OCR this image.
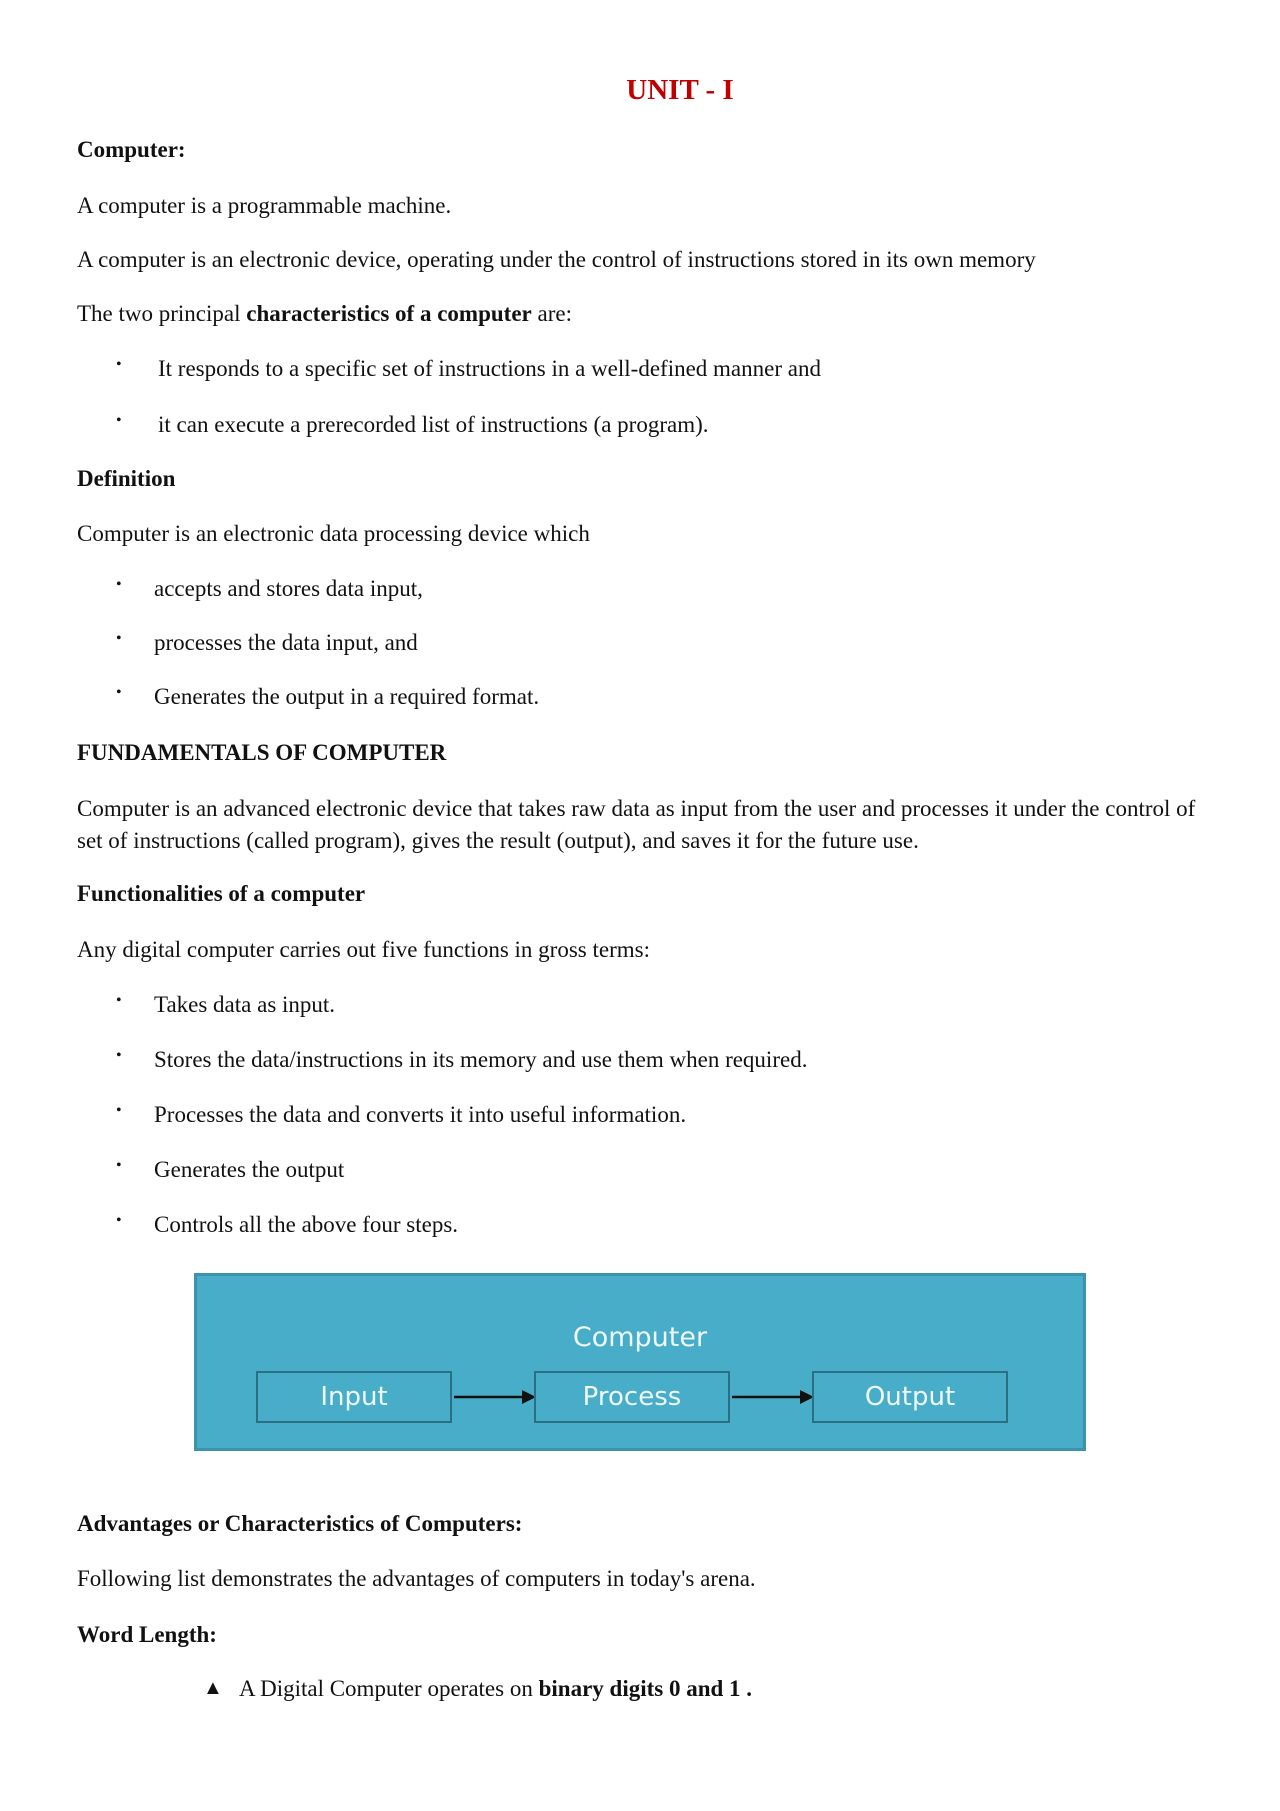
UNIT - I
Computer:
A computer is a programmable machine.
A computer is an electronic device, operating under the control of instructions stored in its own memory
The two principal characteristics of a computer are:
• It responds to a specific set of instructions in a well-defined manner and
• it can execute a prerecorded list of instructions (a program).
Definition
Computer is an electronic data processing device which
• accepts and stores data input,
• processes the data input, and
• Generates the output in a required format.
FUNDAMENTALS OF COMPUTER
Computer is an advanced electronic device that takes raw data as input from the user and processes it under the control of set of instructions (called program), gives the result (output), and saves it for the future use.
Functionalities of a computer
Any digital computer carries out five functions in gross terms:
• Takes data as input.
• Stores the data/instructions in its memory and use them when required.
• Processes the data and converts it into useful information.
• Generates the output
• Controls all the above four steps.
Computer
Input	Process	Output
Advantages or Characteristics of Computers:
Following list demonstrates the advantages of computers in today's arena.
Word Length:
▲ A Digital Computer operates on binary digits 0 and 1 .
